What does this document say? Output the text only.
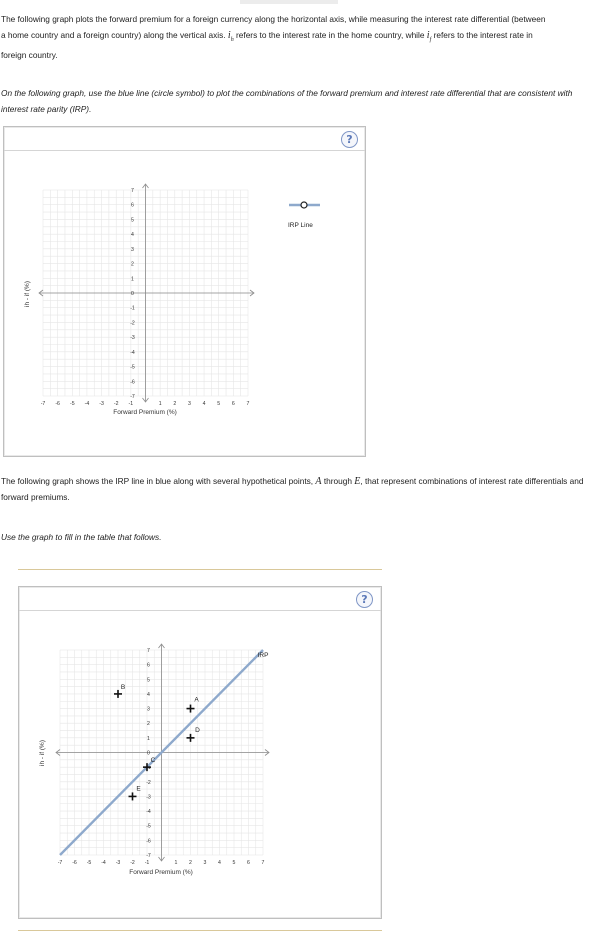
The following graph plots the forward premium for a foreign currency along the horizontal axis, while measuring the interest rate differential (between
a home country and a foreign country) along the vertical axis. $i_h$ refers to the interest rate in the home country, while $i_f$ refers to the interest rate in
foreign country.

On the following graph, use the blue line (circle symbol) to plot the combinations of the forward premium and interest rate differential that are consistent with interest rate parity (IRP).

?
-7 -6 -5 -4 -3 -2 -1	1 2 3 4 5 6 7
-7
-6
-5
-4
-3
-2
-1
0
1
2
3
4
5
6
7
Forward Premium (%)
ih - if (%)
IRP Line

The following graph shows the IRP line in blue along with several hypothetical points, A through E, that represent combinations of interest rate differentials and forward premiums.

Use the graph to fill in the table that follows.

?
-7 -6 -5 -4 -3 -2 -1	1 2 3 4 5 6 7
-7
-6
-5
-4
-3
-2
-1
0
1
2
3
4
5
6
7
IRP
A
B
C
D
E
Forward Premium (%)
ih - if (%)
